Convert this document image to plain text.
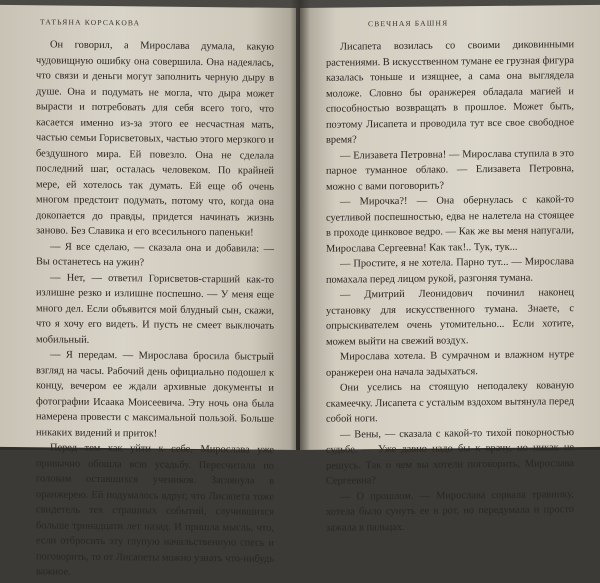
ТАТЬЯНА КОРСАКОВА

Он говорил, а Мирослава думала, какую чудовищную ошибку она совершила. Она надеялась, что связи и деньги могут заполнить черную дыру в душе. Она и подумать не могла, что дыра может вырасти и потребовать для себя всего того, что касается именно из-за этого ее несчастная мать, частью семьи Горисветовых, частью этого мерзкого и бездушного мира. Ей повезло. Она не сделала последний шаг, осталась человеком. По крайней мере, ей хотелось так думать. Ей еще об очень многом предстоит подумать, потому что, когда она докопается до правды, придется начинать жизнь заново. Без Славика и его всесильного папеньки!

— Я все сделаю, — сказала она и добавила: — Вы останетесь на ужин?

— Нет, — ответил Горисветов-старший как-то излишне резко и излишне поспешно. — У меня еще много дел. Если объявится мой блудный сын, скажи, что я хочу его видеть. И пусть не смеет выключать мобильный.

— Я передам. — Мирослава бросила быстрый взгляд на часы. Рабочий день официально подошел к концу, вечером ее ждали архивные документы и фотографии Исаака Моисеевича. Эту ночь она была намерена провести с максимальной пользой. Больше никаких видений и приток!

Перед тем как уйти к себе, Мирослава уже привычно обошла всю усадьбу. Пересчитала по головам оставшихся учеников. Заглянула в оранжерею. Ей подумалось вдруг, что Лисапета тоже свидетель тех страшных событий, случившихся больше тринадцати лет назад. И пришла мысль, что, если отбросить эту глупую начальственную спесь и поговорить, то от Лисапеты можно узнать что-нибудь важное.

СВЕЧНАЯ БАШНЯ

Лисапета возилась со своими диковинными растениями. В искусственном тумане ее грузная фигура казалась тоньше и изящнее, а сама она выглядела моложе. Словно бы оранжерея обладала магией и способностью возвращать в прошлое. Может быть, поэтому Лисапета и проводила тут все свое свободное время?

— Елизавета Петровна! — Мирослава ступила в это парное туманное облако. — Елизавета Петровна, можно с вами поговорить?

— Мирочка?! — Она обернулась с какой-то суетливой поспешностью, едва не налетела на стоящее в проходе цинковое ведро. — Как же вы меня напугали, Мирослава Сергеевна! Как так!.. Тук, тук...

— Простите, я не хотела. Парно тут... — Мирослава помахала перед лицом рукой, разгоняя тумана.

— Дмитрий Леонидович починил наконец установку для искусственного тумана. Знаете, с опрыскивателем очень утомительно... Если хотите, можем выйти на свежий воздух.

Мирослава хотела. В сумрачном и влажном нутре оранжереи она начала задыхаться.

Они уселись на стоящую неподалеку кованую скамеечку. Лисапета с усталым вздохом вытянула перед собой ноги.

— Вены, — сказала с какой-то тихой покорностью судьбе. — Уже давно надо бы к врачу, но никак не решусь. Так о чем вы хотели поговорить, Мирослава Сергеевна?

— О прошлом. — Мирослава сорвала травинку, хотела было сунуть ее в рот, но передумала и просто зажала в пальцах.
